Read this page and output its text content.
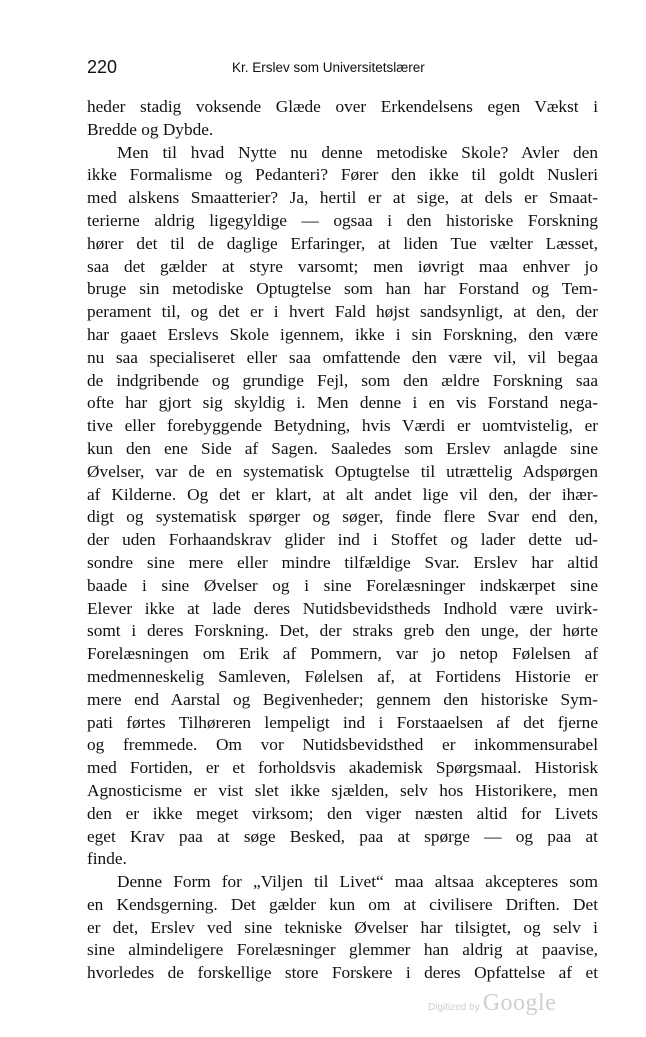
220	Kr. Erslev som Universitetslærer

heder stadig voksende Glæde over Erkendelsens egen Vækst i
Bredde og Dybde.
Men til hvad Nytte nu denne metodiske Skole? Avler den
ikke Formalisme og Pedanteri? Fører den ikke til goldt Nusleri
med alskens Smaatterier? Ja, hertil er at sige, at dels er Smaat-
terierne aldrig ligegyldige — ogsaa i den historiske Forskning
hører det til de daglige Erfaringer, at liden Tue vælter Læsset,
saa det gælder at styre varsomt; men iøvrigt maa enhver jo
bruge sin metodiske Optugtelse som han har Forstand og Tem-
perament til, og det er i hvert Fald højst sandsynligt, at den, der
har gaaet Erslevs Skole igennem, ikke i sin Forskning, den være
nu saa specialiseret eller saa omfattende den være vil, vil begaa
de indgribende og grundige Fejl, som den ældre Forskning saa
ofte har gjort sig skyldig i. Men denne i en vis Forstand nega-
tive eller forebyggende Betydning, hvis Værdi er uomtvistelig, er
kun den ene Side af Sagen. Saaledes som Erslev anlagde sine
Øvelser, var de en systematisk Optugtelse til utrættelig Adspørgen
af Kilderne. Og det er klart, at alt andet lige vil den, der ihær-
digt og systematisk spørger og søger, finde flere Svar end den,
der uden Forhaandskrav glider ind i Stoffet og lader dette ud-
sondre sine mere eller mindre tilfældige Svar. Erslev har altid
baade i sine Øvelser og i sine Forelæsninger indskærpet sine
Elever ikke at lade deres Nutidsbevidstheds Indhold være uvirk-
somt i deres Forskning. Det, der straks greb den unge, der hørte
Forelæsningen om Erik af Pommern, var jo netop Følelsen af
medmenneskelig Samleven, Følelsen af, at Fortidens Historie er
mere end Aarstal og Begivenheder; gennem den historiske Sym-
pati førtes Tilhøreren lempeligt ind i Forstaaelsen af det fjerne
og fremmede. Om vor Nutidsbevidsthed er inkommensurabel
med Fortiden, er et forholdsvis akademisk Spørgsmaal. Historisk
Agnosticisme er vist slet ikke sjælden, selv hos Historikere, men
den er ikke meget virksom; den viger næsten altid for Livets
eget Krav paa at søge Besked, paa at spørge — og paa at
finde.
Denne Form for „Viljen til Livet“ maa altsaa akcepteres som
en Kendsgerning. Det gælder kun om at civilisere Driften. Det
er det, Erslev ved sine tekniske Øvelser har tilsigtet, og selv i
sine almindeligere Forelæsninger glemmer han aldrig at paavise,
hvorledes de forskellige store Forskere i deres Opfattelse af et
Digitized by Google
